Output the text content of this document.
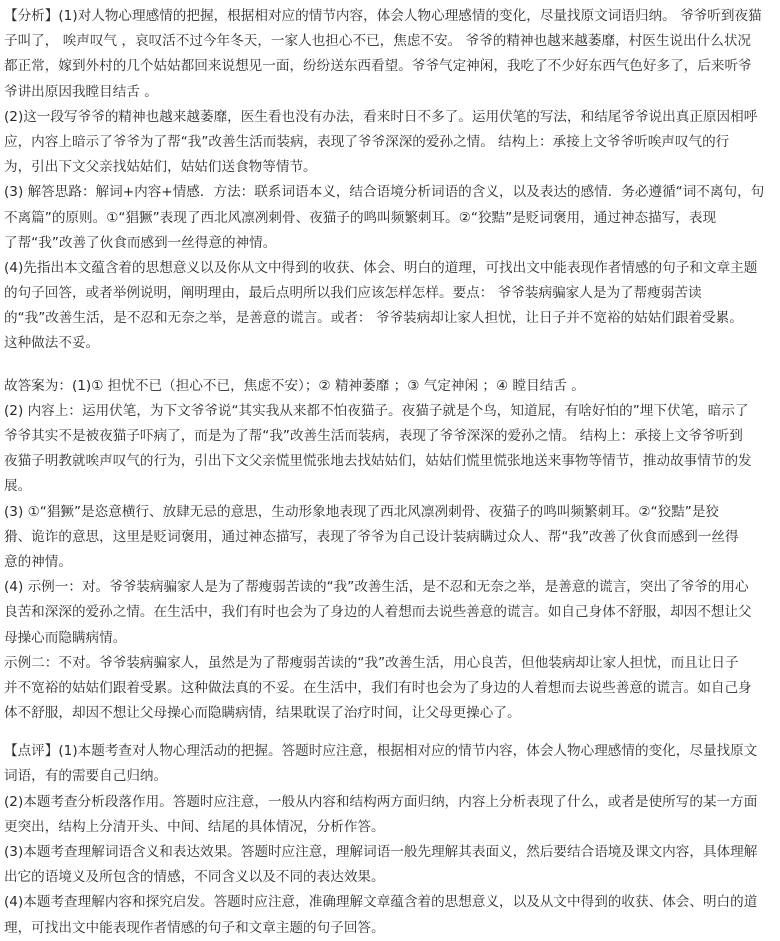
【分析】(1)对人物心理感情的把握，根据相对应的情节内容，体会人物心理感情的变化，尽量找原文词语归纳。 爷爷听到夜猫
子叫了， 唉声叹气 ，哀叹活不过今年冬天，一家人也担心不已，焦虑不安。 爷爷的精神也越来越萎靡，村医生说出什么状况
都正常，嫁到外村的几个姑姑都回来说想见一面，纷纷送东西看望。爷爷气定神闲，我吃了不少好东西气色好多了，后来听爷
爷讲出原因我瞠目结舌 。
(2)这一段写爷爷的精神也越来越萎靡，医生看也没有办法，看来时日不多了。运用伏笔的写法，和结尾爷爷说出真正原因相呼
应，内容上暗示了爷爷为了帮“我”改善生活而装病，表现了爷爷深深的爱孙之情。 结构上：承接上文爷爷听唉声叹气的行
为，引出下文父亲找姑姑们，姑姑们送食物等情节。
(3) 解答思路：解词+内容+情感．方法：联系词语本义，结合语境分析词语的含义，以及表达的感情．务必遵循“词不离句，句
不离篇”的原则。①“猖獗”表现了西北风凛冽刺骨、夜猫子的鸣叫频繁刺耳。②“狡黠”是贬词褒用，通过神态描写，表现
了帮“我”改善了伙食而感到一丝得意的神情。
(4)先指出本文蕴含着的思想意义以及你从文中得到的收获、体会、明白的道理，可找出文中能表现作者情感的句子和文章主题
的句子回答，或者举例说明，阐明理由，最后点明所以我们应该怎样怎样。要点： 爷爷装病骗家人是为了帮瘦弱苦读
的“我”改善生活，是不忍和无奈之举，是善意的谎言。或者： 爷爷装病却让家人担忧，让日子并不宽裕的姑姑们跟着受累。
这种做法不妥。
故答案为：(1)① 担忧不已（担心不已，焦虑不安）；② 精神萎靡 ；③ 气定神闲 ；④ 瞠目结舌 。
(2) 内容上：运用伏笔，为下文爷爷说“其实我从来都不怕夜猫子。夜猫子就是个鸟，知道屁，有啥好怕的”埋下伏笔，暗示了
爷爷其实不是被夜猫子吓病了，而是为了帮“我”改善生活而装病，表现了爷爷深深的爱孙之情。 结构上：承接上文爷爷听到
夜猫子明教就唉声叹气的行为，引出下文父亲慌里慌张地去找姑姑们，姑姑们慌里慌张地送来事物等情节，推动故事情节的发
展。
(3) ①“猖獗”是恣意横行、放肆无忌的意思，生动形象地表现了西北风凛冽刺骨、夜猫子的鸣叫频繁刺耳。②“狡黠”是狡
猾、诡诈的意思，这里是贬词褒用，通过神态描写，表现了爷爷为自己设计装病瞒过众人、帮“我”改善了伙食而感到一丝得
意的神情。
(4) 示例一：对。爷爷装病骗家人是为了帮瘦弱苦读的“我”改善生活，是不忍和无奈之举，是善意的谎言，突出了爷爷的用心
良苦和深深的爱孙之情。在生活中，我们有时也会为了身边的人着想而去说些善意的谎言。如自己身体不舒服，却因不想让父
母操心而隐瞒病情。
示例二：不对。爷爷装病骗家人，虽然是为了帮瘦弱苦读的“我”改善生活，用心良苦，但他装病却让家人担忧，而且让日子
并不宽裕的姑姑们跟着受累。这种做法真的不妥。在生活中，我们有时也会为了身边的人着想而去说些善意的谎言。如自己身
体不舒服，却因不想让父母操心而隐瞒病情，结果耽误了治疗时间，让父母更操心了。
【点评】(1)本题考查对人物心理活动的把握。答题时应注意，根据相对应的情节内容，体会人物心理感情的变化，尽量找原文
词语，有的需要自己归纳。
(2)本题考查分析段落作用。答题时应注意，一般从内容和结构两方面归纳，内容上分析表现了什么，或者是使所写的某一方面
更突出，结构上分清开头、中间、结尾的具体情况，分析作答。
(3)本题考查理解词语含义和表达效果。答题时应注意，理解词语一般先理解其表面义，然后要结合语境及课文内容，具体理解
出它的语境义及所包含的情感，不同含义以及不同的表达效果。
(4)本题考查理解内容和探究启发。答题时应注意，准确理解文章蕴含着的思想意义，以及从文中得到的收获、体会、明白的道
理，可找出文中能表现作者情感的句子和文章主题的句子回答。
